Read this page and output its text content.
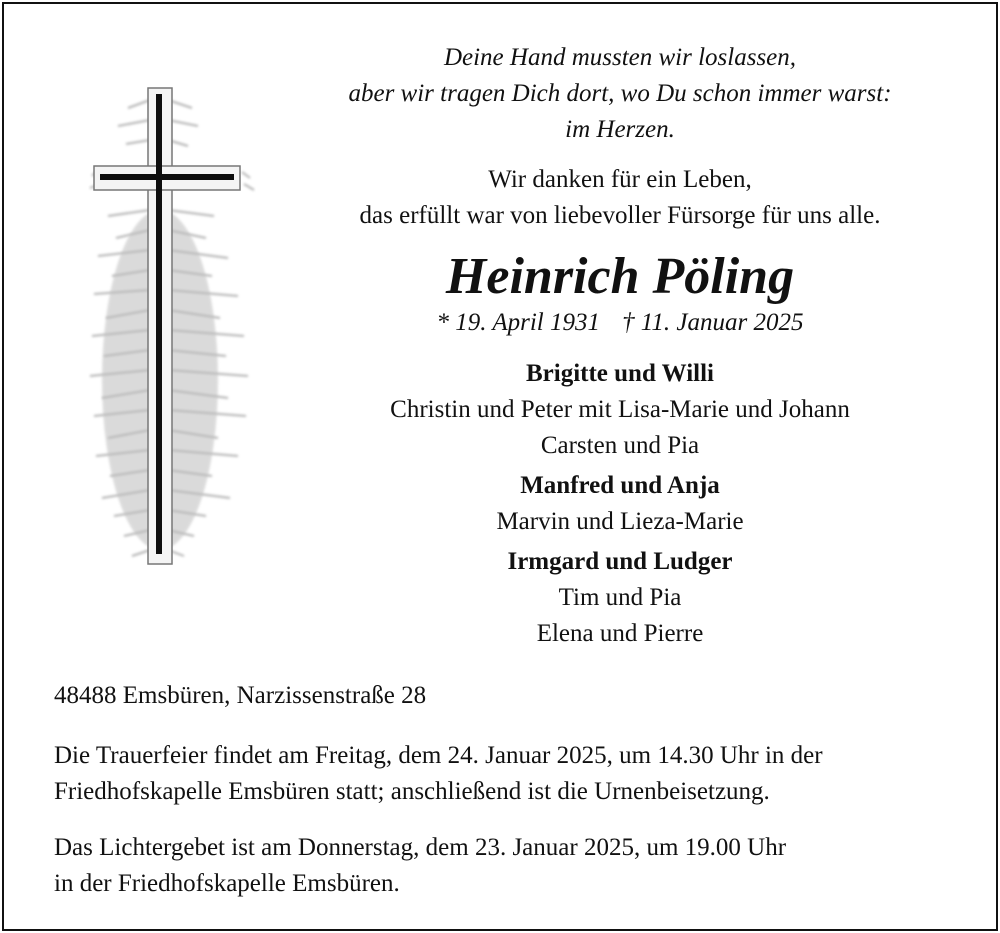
Deine Hand mussten wir loslassen,
aber wir tragen Dich dort, wo Du schon immer warst:
im Herzen.
Wir danken für ein Leben,
das erfüllt war von liebevoller Fürsorge für uns alle.
Heinrich Pöling
* 19. April 1931 † 11. Januar 2025
Brigitte und Willi
Christin und Peter mit Lisa-Marie und Johann
Carsten und Pia
Manfred und Anja
Marvin und Lieza-Marie
Irmgard und Ludger
Tim und Pia
Elena und Pierre
48488 Emsbüren, Narzissenstraße 28
Die Trauerfeier findet am Freitag, dem 24. Januar 2025, um 14.30 Uhr in der
Friedhofskapelle Emsbüren statt; anschließend ist die Urnenbeisetzung.
Das Lichtergebet ist am Donnerstag, dem 23. Januar 2025, um 19.00 Uhr
in der Friedhofskapelle Emsbüren.
